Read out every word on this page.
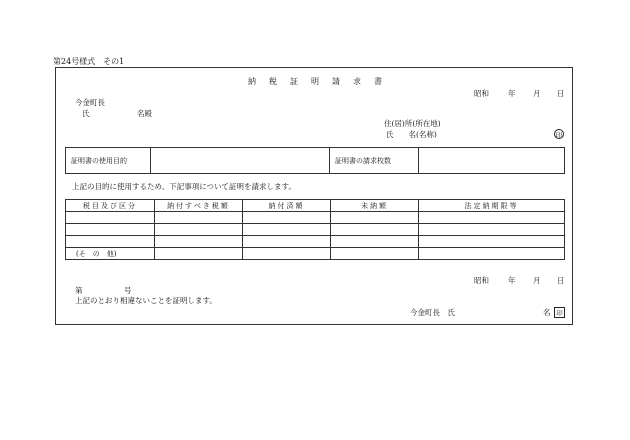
第24号様式　その1
納税証明請求書
昭和	年 月 日
今金町長
氏	名殿
住(居)所(所在地)
氏　　名(名称)	印
証明書の使用目的		証明書の請求枚数	
上記の目的に使用するため、下記事項について証明を請求します。
税目及び区分	納付すべき税額	納付済額	未納額	法定納期限等

(そ　の　他)				
昭和	年 月 日
第	号
上記のとおり相違ないことを証明します。
今金町長　氏	名 印
